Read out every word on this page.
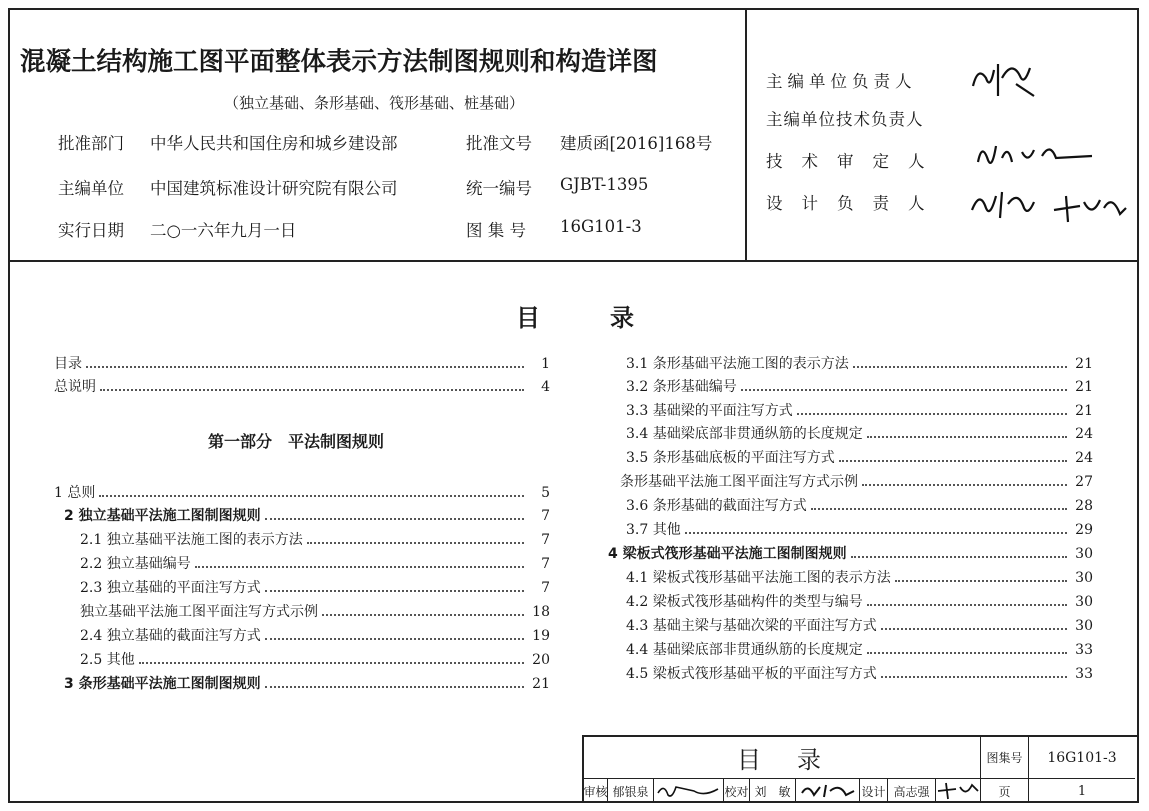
混凝土结构施工图平面整体表示方法制图规则和构造详图
（独立基础、条形基础、筏形基础、桩基础）
批准部门 中华人民共和国住房和城乡建设部	批准文号 建质函[2016]168号
主编单位 中国建筑标准设计研究院有限公司	统一编号 GJBT-1395
实行日期 二○一六年九月一日	图 集 号 16G101-3
主编单位负责人
主编单位技术负责人
技术审定人
设计负责人
目	录
目录	1
总说明	4
第一部分　平法制图规则
1 总则	5
2 独立基础平法施工图制图规则	7
2.1 独立基础平法施工图的表示方法	7
2.2 独立基础编号	7
2.3 独立基础的平面注写方式	7
独立基础平法施工图平面注写方式示例	18
2.4 独立基础的截面注写方式	19
2.5 其他	20
3 条形基础平法施工图制图规则	21
3.1 条形基础平法施工图的表示方法	21
3.2 条形基础编号	21
3.3 基础梁的平面注写方式	21
3.4 基础梁底部非贯通纵筋的长度规定	24
3.5 条形基础底板的平面注写方式	24
条形基础平法施工图平面注写方式示例	27
3.6 条形基础的截面注写方式	28
3.7 其他	29
4 梁板式筏形基础平法施工图制图规则	30
4.1 梁板式筏形基础平法施工图的表示方法	30
4.2 梁板式筏形基础构件的类型与编号	30
4.3 基础主梁与基础次梁的平面注写方式	30
4.4 基础梁底部非贯通纵筋的长度规定	33
4.5 梁板式筏形基础平板的平面注写方式	33
目　录	图集号	16G101-3
审核 郁银泉	校对 刘　敏	设计 高志强	页	1
